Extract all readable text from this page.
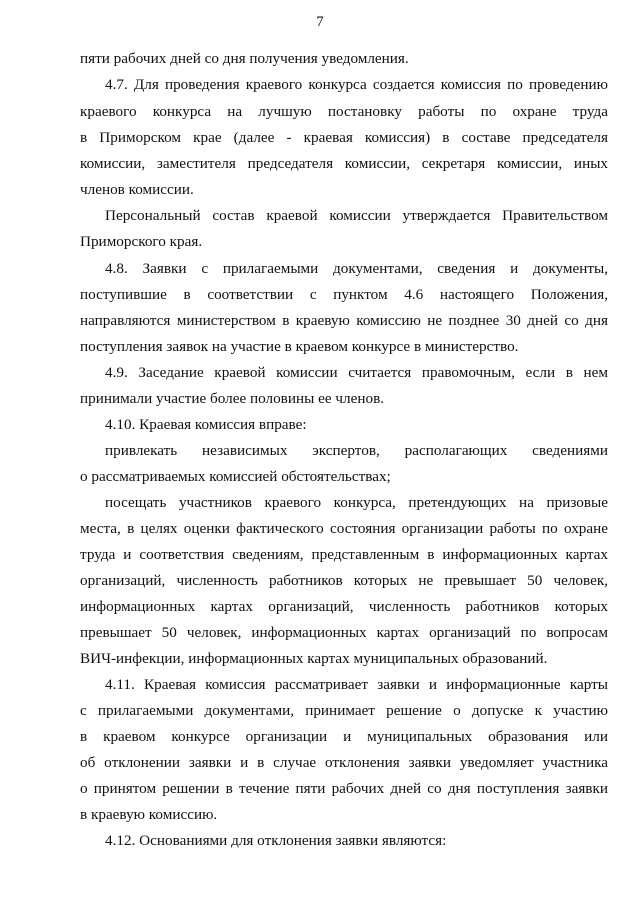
7
пяти рабочих дней со дня получения уведомления.
4.7. Для проведения краевого конкурса создается комиссия по проведению
краевого конкурса на лучшую постановку работы по охране труда
в Приморском крае (далее - краевая комиссия) в составе председателя
комиссии, заместителя председателя комиссии, секретаря комиссии, иных
членов комиссии.
Персональный состав краевой комиссии утверждается Правительством
Приморского края.
4.8. Заявки с прилагаемыми документами, сведения и документы,
поступившие в соответствии с пунктом 4.6 настоящего Положения,
направляются министерством в краевую комиссию не позднее 30 дней со дня
поступления заявок на участие в краевом конкурсе в министерство.
4.9. Заседание краевой комиссии считается правомочным, если в нем
принимали участие более половины ее членов.
4.10. Краевая комиссия вправе:
привлекать независимых экспертов, располагающих сведениями
о рассматриваемых комиссией обстоятельствах;
посещать участников краевого конкурса, претендующих на призовые
места, в целях оценки фактического состояния организации работы по охране
труда и соответствия сведениям, представленным в информационных картах
организаций, численность работников которых не превышает 50 человек,
информационных картах организаций, численность работников которых
превышает 50 человек, информационных картах организаций по вопросам
ВИЧ-инфекции, информационных картах муниципальных образований.
4.11. Краевая комиссия рассматривает заявки и информационные карты
с прилагаемыми документами, принимает решение о допуске к участию
в краевом конкурсе организации и муниципальных образования или
об отклонении заявки и в случае отклонения заявки уведомляет участника
о принятом решении в течение пяти рабочих дней со дня поступления заявки
в краевую комиссию.
4.12. Основаниями для отклонения заявки являются:
